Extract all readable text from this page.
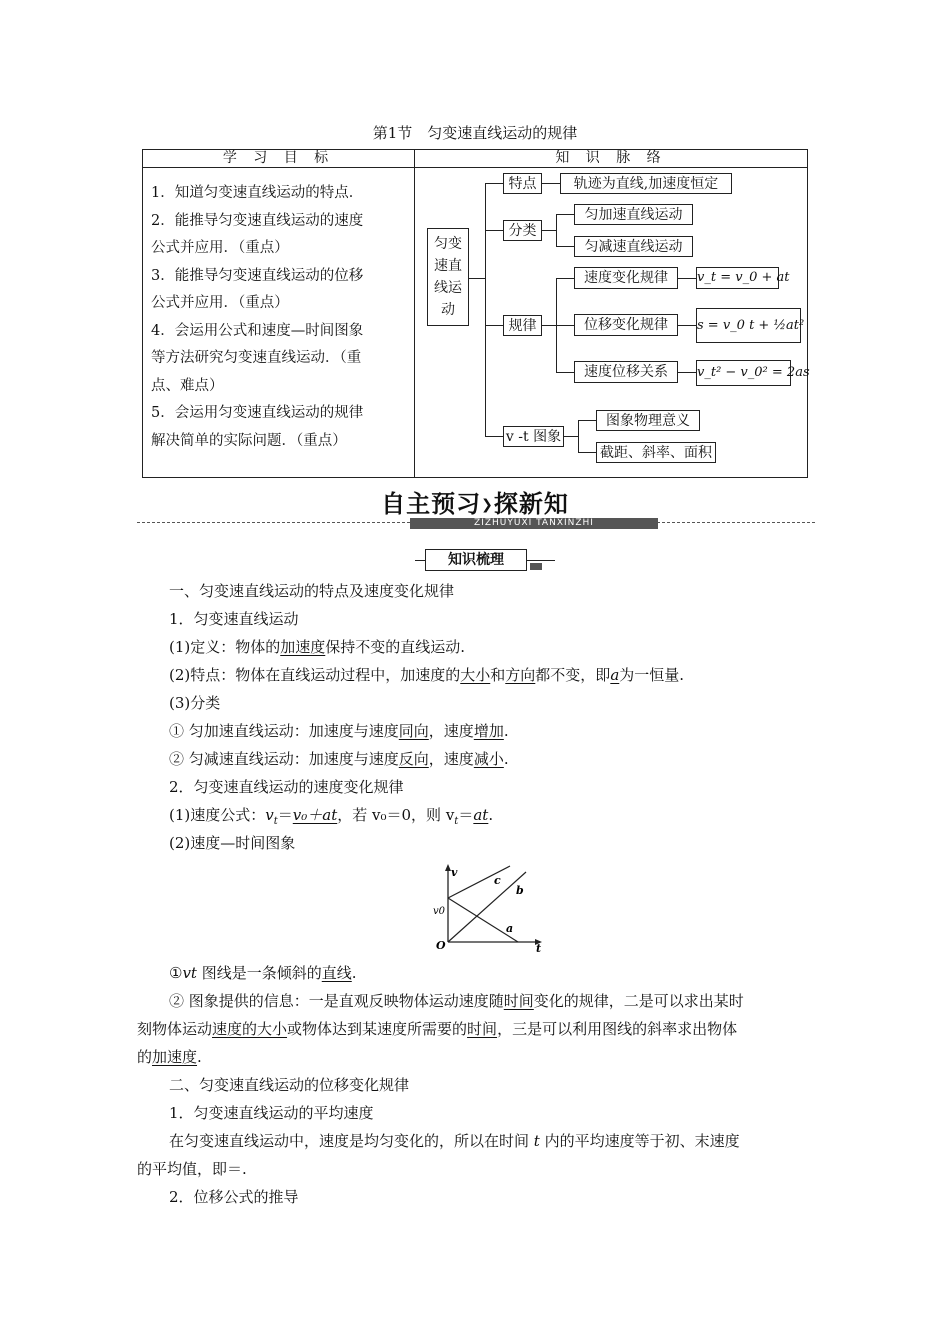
第1节　匀变速直线运动的规律
学 习 目 标	知 识 脉 络
1．知道匀变速直线运动的特点．
2．能推导匀变速直线运动的速度
公式并应用．（重点）
3．能推导匀变速直线运动的位移
公式并应用．（重点）
4．会运用公式和速度—时间图象
等方法研究匀变速直线运动．（重
点、难点）
5．会运用匀变速直线运动的规律
解决简单的实际问题．（重点）
匀变
速直
线运
动
特点	轨迹为直线,加速度恒定
分类
匀加速直线运动
匀减速直线运动
规律
速度变化规律	v_t = v_0 + at
位移变化规律	s = v_0 t + ½at²
速度位移关系	v_t² − v_0² = 2as
v -t 图象
图象物理意义
截距、斜率、面积
自主预习❯探新知
ZIZHUYUXI TANXINZHI
知识梳理
一、匀变速直线运动的特点及速度变化规律
1．匀变速直线运动
(1)定义：物体的加速度保持不变的直线运动.
(2)特点：物体在直线运动过程中，加速度的大小和方向都不变，即a为一恒量.
(3)分类
① 匀加速直线运动：加速度与速度同向，速度增加.
② 匀减速直线运动：加速度与速度反向，速度减小.
2．匀变速直线运动的速度变化规律
(1)速度公式：$v_t=v_0+at$，若 v₀＝0，则 $v_t=at$.
(2)速度—时间图象
v
v0
O	t
c
b
a
①vt 图线是一条倾斜的直线.
② 图象提供的信息：一是直观反映物体运动速度随时间变化的规律，二是可以求出某时
刻物体运动速度的大小或物体达到某速度所需要的时间，三是可以利用图线的斜率求出物体
的加速度.
二、匀变速直线运动的位移变化规律
1．匀变速直线运动的平均速度
在匀变速直线运动中，速度是均匀变化的，所以在时间 t 内的平均速度等于初、末速度
的平均值，即＝.
2．位移公式的推导
